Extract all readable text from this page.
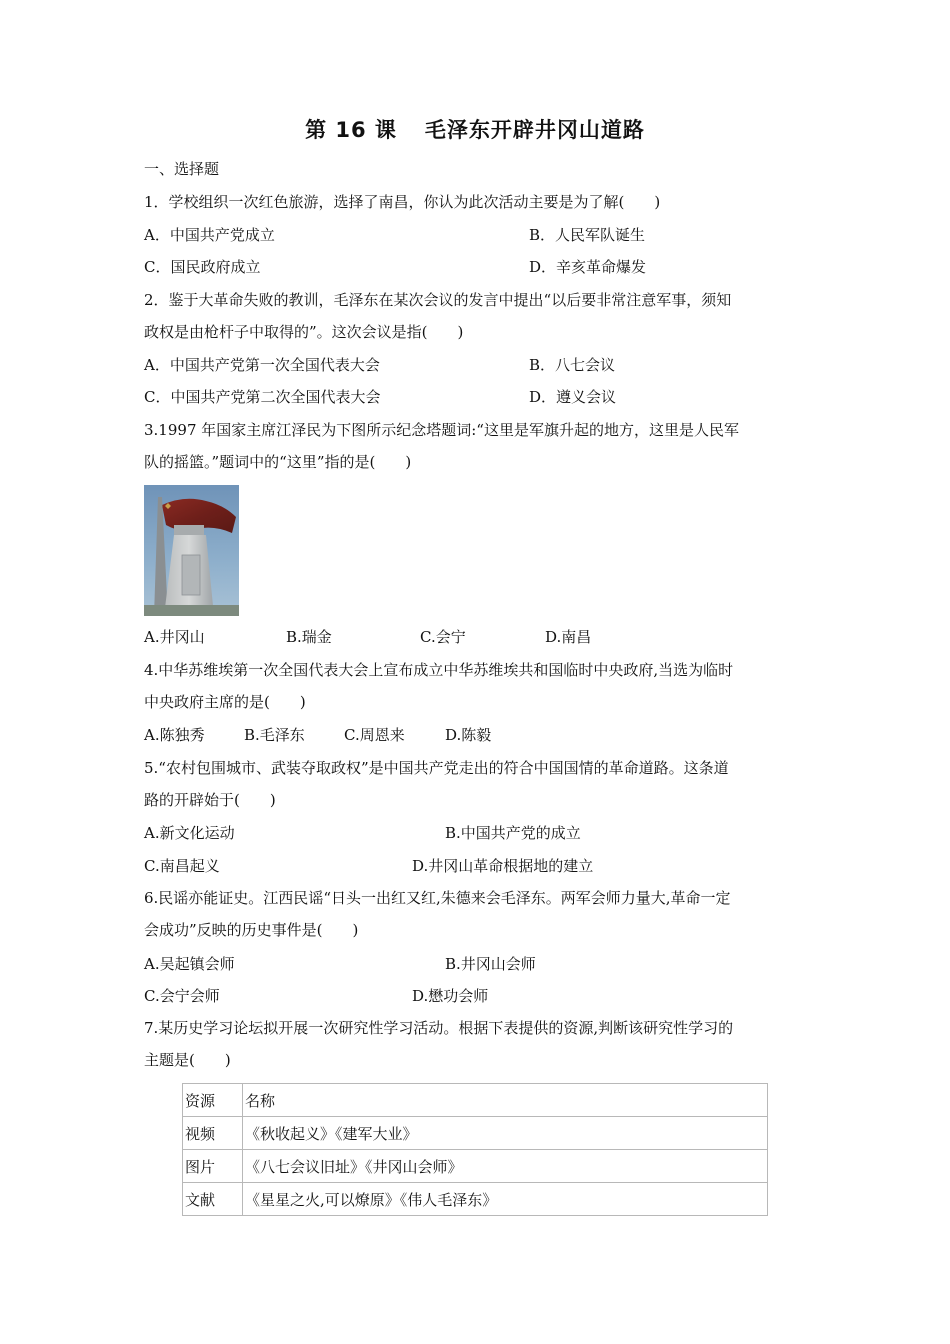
第 16 课 毛泽东开辟井冈山道路
一、选择题
1．学校组织一次红色旅游，选择了南昌，你认为此次活动主要是为了解(　　)
A．中国共产党成立	B．人民军队诞生
C．国民政府成立	D．辛亥革命爆发
2．鉴于大革命失败的教训，毛泽东在某次会议的发言中提出“以后要非常注意军事，须知
政权是由枪杆子中取得的”。这次会议是指(　　)
A．中国共产党第一次全国代表大会	B．八七会议
C．中国共产党第二次全国代表大会	D．遵义会议
3.1997 年国家主席江泽民为下图所示纪念塔题词:“这里是军旗升起的地方，这里是人民军
队的摇篮。”题词中的“这里”指的是(　　)
A.井冈山	B.瑞金	C.会宁	D.南昌
4.中华苏维埃第一次全国代表大会上宣布成立中华苏维埃共和国临时中央政府,当选为临时
中央政府主席的是(　　)
A.陈独秀	B.毛泽东	C.周恩来	D.陈毅
5.“农村包围城市、武装夺取政权”是中国共产党走出的符合中国国情的革命道路。这条道
路的开辟始于(　　)
A.新文化运动	B.中国共产党的成立
C.南昌起义	D.井冈山革命根据地的建立
6.民谣亦能证史。江西民谣“日头一出红又红,朱德来会毛泽东。两军会师力量大,革命一定
会成功”反映的历史事件是(　　)
A.吴起镇会师	B.井冈山会师
C.会宁会师	D.懋功会师
7.某历史学习论坛拟开展一次研究性学习活动。根据下表提供的资源,判断该研究性学习的
主题是(　　)
资源	名称
视频	《秋收起义》《建军大业》
图片	《八七会议旧址》《井冈山会师》
文献	《星星之火,可以燎原》《伟人毛泽东》
